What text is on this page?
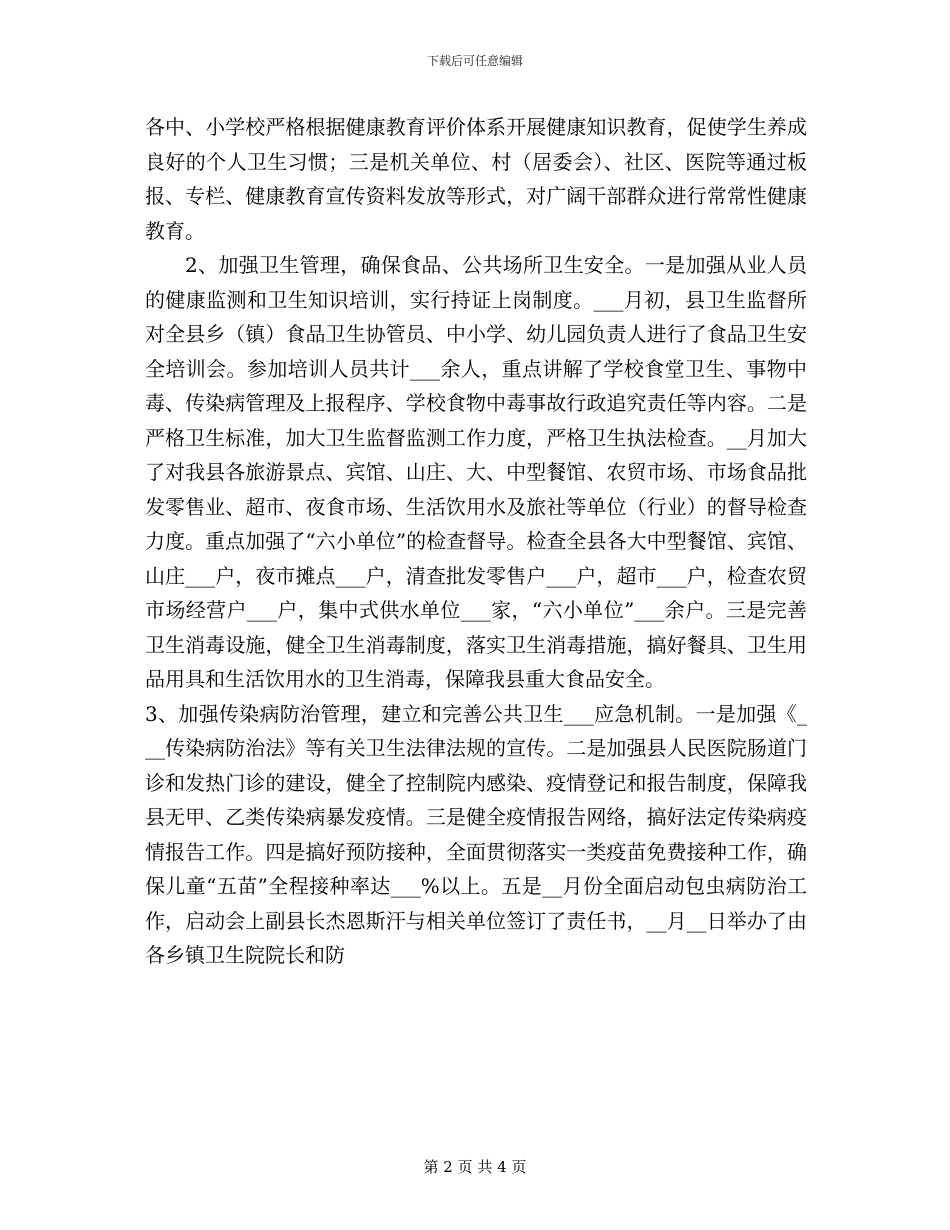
下载后可任意编辑

各中、小学校严格根据健康教育评价体系开展健康知识教育，促使学生养成良好的个人卫生习惯；三是机关单位、村（居委会）、社区、医院等通过板报、专栏、健康教育宣传资料发放等形式，对广阔干部群众进行常常性健康教育。

2、加强卫生管理，确保食品、公共场所卫生安全。一是加强从业人员的健康监测和卫生知识培训，实行持证上岗制度。___月初，县卫生监督所对全县乡（镇）食品卫生协管员、中小学、幼儿园负责人进行了食品卫生安全培训会。参加培训人员共计___余人，重点讲解了学校食堂卫生、事物中毒、传染病管理及上报程序、学校食物中毒事故行政追究责任等内容。二是严格卫生标准，加大卫生监督监测工作力度，严格卫生执法检查。__月加大了对我县各旅游景点、宾馆、山庄、大、中型餐馆、农贸市场、市场食品批发零售业、超市、夜食市场、生活饮用水及旅社等单位（行业）的督导检查力度。重点加强了“六小单位”的检查督导。检查全县各大中型餐馆、宾馆、山庄___户，夜市摊点___户，清查批发零售户___户，超市___户，检查农贸市场经营户___户，集中式供水单位___家，“六小单位”___余户。三是完善卫生消毒设施，健全卫生消毒制度，落实卫生消毒措施，搞好餐具、卫生用品用具和生活饮用水的卫生消毒，保障我县重大食品安全。

3、加强传染病防治管理，建立和完善公共卫生___应急机制。一是加强《___传染病防治法》等有关卫生法律法规的宣传。二是加强县人民医院肠道门诊和发热门诊的建设，健全了控制院内感染、疫情登记和报告制度，保障我县无甲、乙类传染病暴发疫情。三是健全疫情报告网络，搞好法定传染病疫情报告工作。四是搞好预防接种，全面贯彻落实一类疫苗免费接种工作，确保儿童“五苗”全程接种率达___%以上。五是__月份全面启动包虫病防治工作，启动会上副县长杰恩斯汗与相关单位签订了责任书，__月__日举办了由各乡镇卫生院院长和防

第 2 页 共 4 页
